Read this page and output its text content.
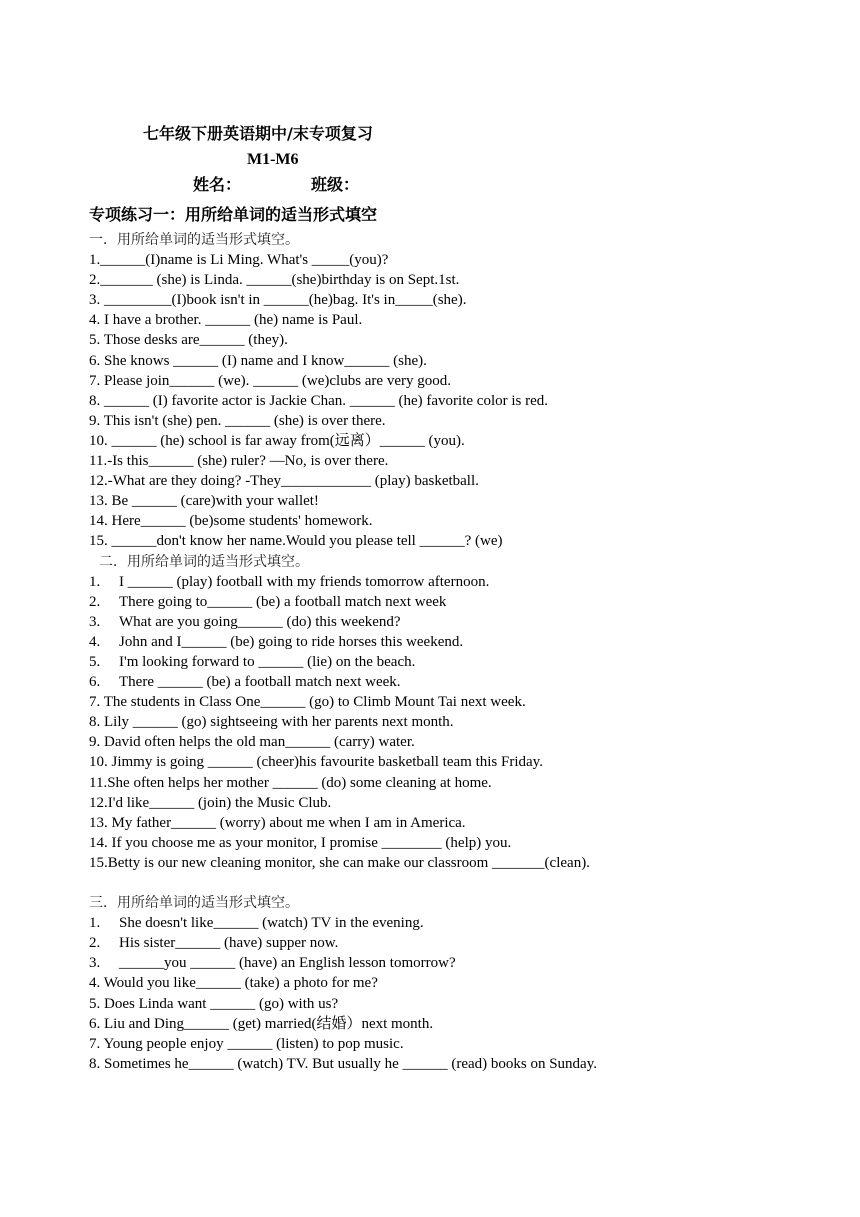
七年级下册英语期中/末专项复习
M1-M6
姓名：	班级：
专项练习一：用所给单词的适当形式填空
一．用所给单词的适当形式填空。
1.______(I)name is Li Ming. What's _____(you)?
2._______ (she) is Linda. ______(she)birthday is on Sept.1st.
3. _________(I)book isn't in ______(he)bag. It's in_____(she).
4. I have a brother. ______ (he) name is Paul.
5. Those desks are______ (they).
6. She knows ______ (I) name and I know______ (she).
7. Please join______ (we). ______ (we)clubs are very good.
8. ______ (I) favorite actor is Jackie Chan. ______ (he) favorite color is red.
9. This isn't (she) pen. ______ (she) is over there.
10. ______ (he) school is far away from(远离）______ (you).
11.-Is this______ (she) ruler? —No, is over there.
12.-What are they doing? -They____________ (play) basketball.
13. Be ______ (care)with your wallet!
14. Here______ (be)some students' homework.
15. ______don't know her name.Would you please tell ______? (we)
二．用所给单词的适当形式填空。
1. I ______ (play) football with my friends tomorrow afternoon.
2. There going to______ (be) a football match next week
3. What are you going______ (do) this weekend?
4. John and I______ (be) going to ride horses this weekend.
5. I'm looking forward to ______ (lie) on the beach.
6. There ______ (be) a football match next week.
7. The students in Class One______ (go) to Climb Mount Tai next week.
8. Lily ______ (go) sightseeing with her parents next month.
9. David often helps the old man______ (carry) water.
10. Jimmy is going ______ (cheer)his favourite basketball team this Friday.
11.She often helps her mother ______ (do) some cleaning at home.
12.I'd like______ (join) the Music Club.
13. My father______ (worry) about me when I am in America.
14. If you choose me as your monitor, I promise ________ (help) you.
15.Betty is our new cleaning monitor, she can make our classroom _______(clean).
三．用所给单词的适当形式填空。
1. She doesn't like______ (watch) TV in the evening.
2. His sister______ (have) supper now.
3. ______you ______ (have) an English lesson tomorrow?
4. Would you like______ (take) a photo for me?
5. Does Linda want ______ (go) with us?
6. Liu and Ding______ (get) married(结婚）next month.
7. Young people enjoy ______ (listen) to pop music.
8. Sometimes he______ (watch) TV. But usually he ______ (read) books on Sunday.
